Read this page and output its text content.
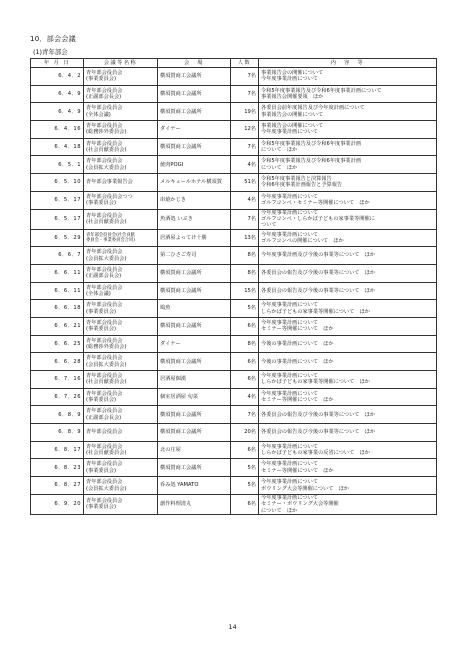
10．部会会議
(1)青年部会
年 月 日	会議等名称	会　場	人数	内　容　等
6．4．2	青年部会役員会
(事業委員会)	横須賀商工会議所	7名	事業報告会の開催について
今年度事業計画について

6．4．9	青年部会役員会
(正副部会長会)	横須賀商工会議所	7名	令和5年度事業報告及び令和6年度事業計画について
事業報告会開催要領　ほか

6．4．9	青年部会役員会
(全体会議)	横須賀商工会議所	19名	各委員会前年度報告及び今年度計画について
事業報告会の開催について

6．4．16	青年部会役員会
(総務渉外委員会)	ダイナー	12名	事業報告会の開催について
今年度事業計画について

6．4．18	青年部会役員会
(社会貢献委員会)	横須賀商工会議所	7名	令和5年度事業報告及び令和6年度事業計画
について　ほか

6．5．1	青年部会役員会
(会員拡大委員会)	焼肉POGI	4名	令和5年度事業報告及び令和6年度事業計画
について　ほか

6．5．10	青年部会事業報告会	メルキュールホテル横須賀	51名	令和5年度事業報告と決算報告
令和6年度事業計画報告と予算報告

6．5．17	青年部会役員会つつ
(事業委員会)	串焼かじき	4名	今年度事業計画について
ゴルフコンペ・セミナー等開催について　ほか

6．5．17	青年部会役員会
(社会貢献委員会)	魚酒処 いぶき	7名	今年度事業計画について
ゴルフコンペ・しらかば子どもの家事業等開催に
ついて

6．5．29	青年部会役員会(社会貢献
委員会・事業委員会合同)	居酒屋よってけ十勝	13名	今年度事業計画について
ゴルフコンペの開催について　ほか

6．6．7	青年部会役員会
(会員拡大委員会)	第二ひさご寿司	8名	今年度事業計画及び今後の事業等について　ほか

6．6．11	青年部会役員会
(正副部会長会)	横須賀商工会議所	8名	各委員会の報告及び今後の事業等について　ほか

6．6．11	青年部会役員会
(全体会議)	横須賀商工会議所	15名	各委員会の報告及び今後の事業等について　ほか

6．6．18	青年部会役員会
(事業委員会)	鳩魚	5名	今年度事業計画について
しらかば子どもの家事業等開催について　ほか

6．6．21	青年部会役員会
(事業委員会)	横須賀商工会議所	6名	今年度事業計画について
セミナー等開催について　ほか

6．6．25	青年部会役員会
(総務渉外委員会)	ダイナー	8名	今後の事業計画について　ほか

6．6．28	青年部会役員会
(会員拡大委員会)	横須賀商工会議所	6名	今後の事業計画について　ほか

6．7．16	青年部会役員会
(社会貢献委員会)	居酒屋個漢	6名	今年度事業計画について
しらかば子どもの家事業等開催について　ほか

6．7．26	青年部会役員会
(事業委員会)	個室居酒屋 旬菜	4名	今年度事業計画について
セミナー等開催について　ほか

6．8．9	青年部会役員会
(正副部会長会)	横須賀商工会議所	7名	各委員会の報告及び今後の事業等について　ほか

6．8．9	青年部会役員会	横須賀商工会議所	20名	各委員会の報告及び今後の事業等について　ほか

6．8．17	青年部会役員会
(社会貢献委員会)	北の庄屋	6名	今年度事業計画について
しらかば子どもの家事業の反省について　ほか

6．8．23	青年部会役員会
(事業委員会)	横須賀商工会議所	5名	今年度事業計画について
セミナー等開催について　ほか

6．8．27	青年部会役員会
(会員拡大委員会)	呑み処 YAMATO	5名	今年度事業計画について
ボウリング大会等開催について　ほか

6．9．20	青年部会役員会
(事業委員会)	創作料理清丸	6名	今年度事業計画について
セミナー・ボウリング大会等開催
について　ほか
14
